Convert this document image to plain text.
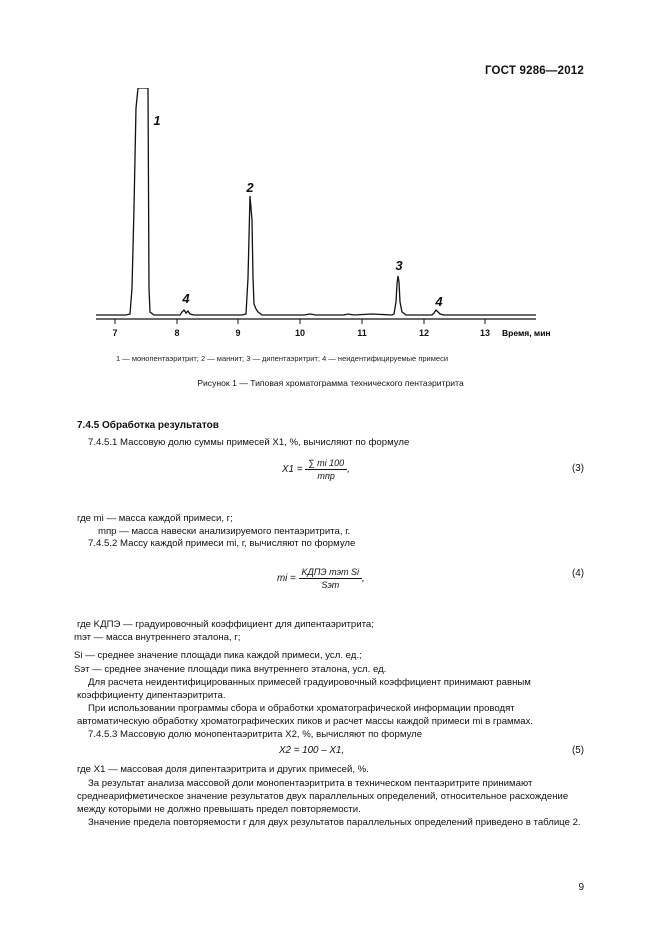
ГОСТ 9286—2012
7	8	9	10	11	12	13 Время, мин
1
2
3
4	4
1 — монопентаэритрит; 2 — маннит; 3 — дипентаэритрит; 4 — неидентифицируемые примеси
Рисунок 1 — Типовая хроматограмма технического пентаэритрита
7.4.5 Обработка результатов
7.4.5.1 Массовую долю суммы примесей X1, %, вычисляют по формуле
$X1 = \frac{\sum mi 100}{\text{mпр}}$ ,	(3)
где mi — масса каждой примеси, г;
mпр — масса навески анализируемого пентаэритрита, г.
7.4.5.2 Массу каждой примеси mi, г, вычисляют по формуле
mi = $\frac{\text{KДПЭ mэт Si}}{\text{Sэт}}$ ,	(4)
где KДПЭ — градуировочный коэффициент для дипентаэритрита;
mэт — масса внутреннего эталона, г;
Si — среднее значение площади пика каждой примеси, усл. ед.;
Sэт — среднее значение площади пика внутреннего эталона, усл. ед.
Для расчета неидентифицированных примесей градуировочный коэффициент принимают равным коэффициенту дипентаэритрита.
При использовании программы сбора и обработки хроматографической информации проводят автоматическую обработку хроматографических пиков и расчет массы каждой примеси mi в граммах.
7.4.5.3 Массовую долю монопентаэритрита X2, %, вычисляют по формуле
X2 = 100 – X1,	(5)
где X1 — массовая доля дипентаэритрита и других примесей, %.
За результат анализа массовой доли монопентаэритрита в техническом пентаэритрите принимают среднеарифметическое значение результатов двух параллельных определений, относительное расхождение между которыми не должно превышать предел повторяемости.
Значение предела повторяемости r для двух результатов параллельных определений приведено в таблице 2.
9
